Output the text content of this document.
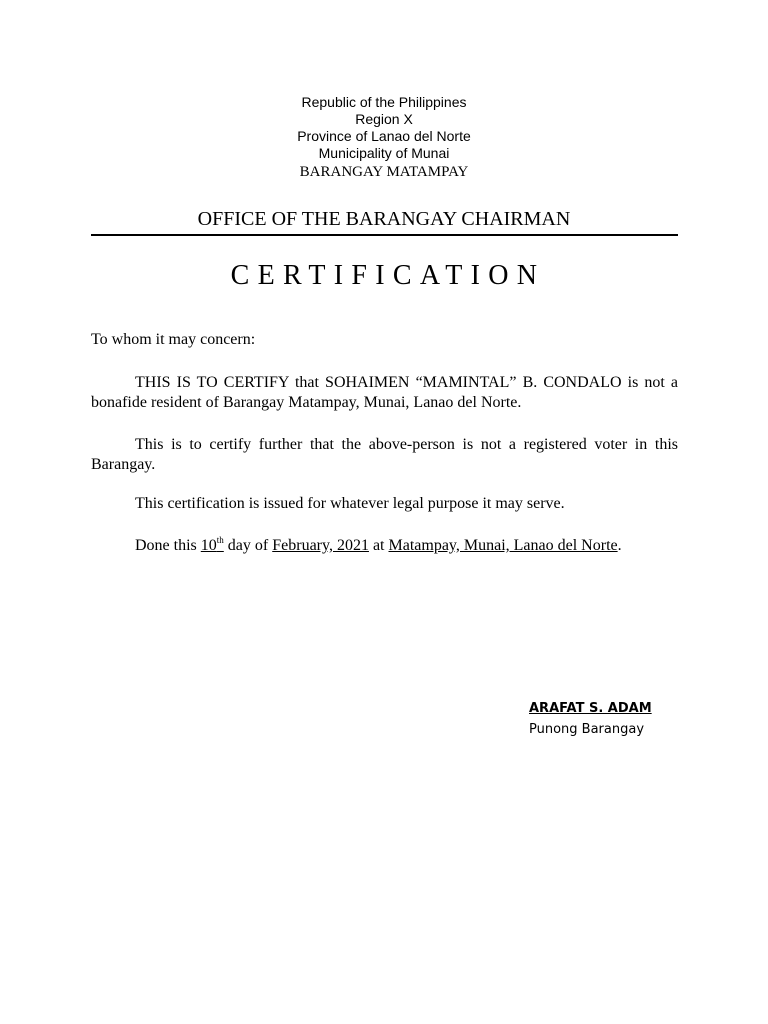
Republic of the Philippines
Region X
Province of Lanao del Norte
Municipality of Munai
BARANGAY MATAMPAY
OFFICE OF THE BARANGAY CHAIRMAN
CERTIFICATION

To whom it may concern:

THIS IS TO CERTIFY that SOHAIMEN “MAMINTAL” B. CONDALO is not a bonafide resident of Barangay Matampay, Munai, Lanao del Norte.

This is to certify further that the above-person is not a registered voter in this Barangay.

This certification is issued for whatever legal purpose it may serve.

Done this 10th day of February, 2021 at Matampay, Munai, Lanao del Norte.

ARAFAT S. ADAM
Punong Barangay
